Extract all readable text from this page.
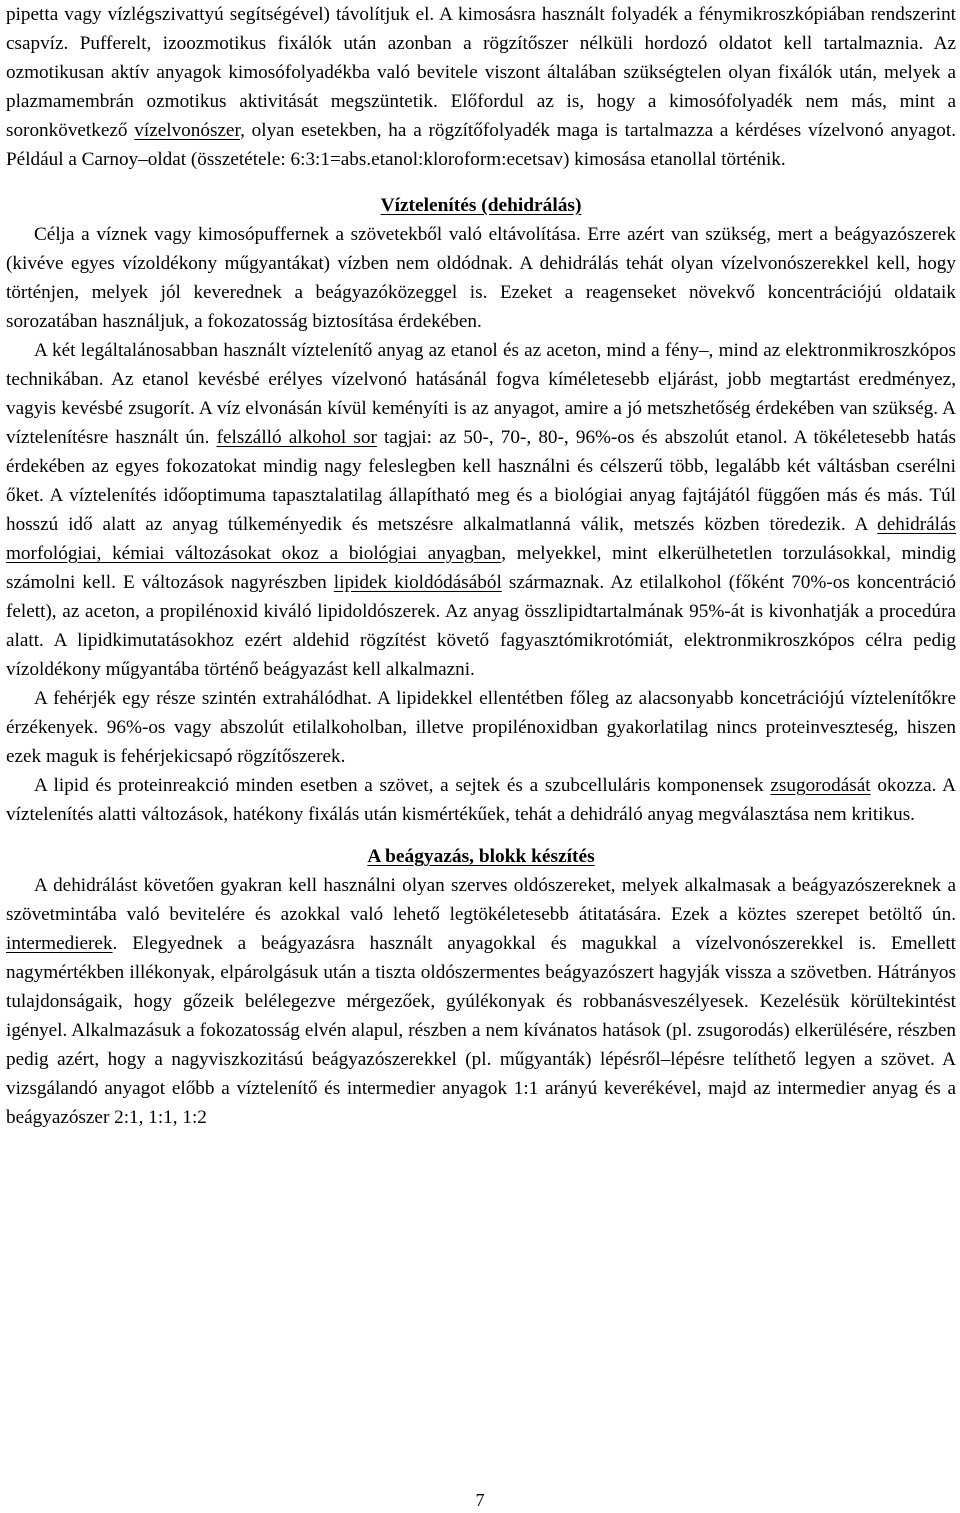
pipetta vagy vízlégszivattyú segítségével) távolítjuk el. A kimosásra használt folyadék a fénymikroszkópiában rendszerint csapvíz. Pufferelt, izoozmotikus fixálók után azonban a rögzítőszer nélküli hordozó oldatot kell tartalmaznia. Az ozmotikusan aktív anyagok kimosófolyadékba való bevitele viszont általában szükségtelen olyan fixálók után, melyek a plazmamembrán ozmotikus aktivitását megszüntetik. Előfordul az is, hogy a kimosófolyadék nem más, mint a soronkövetkező vízelvonószer, olyan esetekben, ha a rögzítőfolyadék maga is tartalmazza a kérdéses vízelvonó anyagot. Például a Carnoy–oldat (összetétele: 6:3:1=abs.etanol:kloroform:ecetsav) kimosása etanollal történik.

Víztelenítés (dehidrálás)

Célja a víznek vagy kimosópuffernek a szövetekből való eltávolítása. Erre azért van szükség, mert a beágyazószerek (kivéve egyes vízoldékony műgyantákat) vízben nem oldódnak. A dehidrálás tehát olyan vízelvonószerekkel kell, hogy történjen, melyek jól keverednek a beágyazóközeggel is. Ezeket a reagenseket növekvő koncentrációjú oldataik sorozatában használjuk, a fokozatosság biztosítása érdekében.

A két legáltalánosabban használt víztelenítő anyag az etanol és az aceton, mind a fény–, mind az elektronmikroszkópos technikában. Az etanol kevésbé erélyes vízelvonó hatásánál fogva kíméletesebb eljárást, jobb megtartást eredményez, vagyis kevésbé zsugorít. A víz elvonásán kívül keményíti is az anyagot, amire a jó metszhetőség érdekében van szükség. A víztelenítésre használt ún. felszálló alkohol sor tagjai: az 50-, 70-, 80-, 96%-os és abszolút etanol. A tökéletesebb hatás érdekében az egyes fokozatokat mindig nagy feleslegben kell használni és célszerű több, legalább két váltásban cserélni őket. A víztelenítés időoptimuma tapasztalatilag állapítható meg és a biológiai anyag fajtájától függően más és más. Túl hosszú idő alatt az anyag túlkeményedik és metszésre alkalmatlanná válik, metszés közben töredezik. A dehidrálás morfológiai, kémiai változásokat okoz a biológiai anyagban, melyekkel, mint elkerülhetetlen torzulásokkal, mindig számolni kell. E változások nagyrészben lipidek kioldódásából származnak. Az etilalkohol (főként 70%-os koncentráció felett), az aceton, a propilénoxid kiváló lipidoldószerek. Az anyag összlipidtartalmának 95%-át is kivonhatják a procedúra alatt. A lipidkimutatásokhoz ezért aldehid rögzítést követő fagyasztómikrotómiát, elektronmikroszkópos célra pedig vízoldékony műgyantába történő beágyazást kell alkalmazni.

A fehérjék egy része szintén extrahálódhat. A lipidekkel ellentétben főleg az alacsonyabb koncetrációjú víztelenítőkre érzékenyek. 96%-os vagy abszolút etilalkoholban, illetve propilénoxidban gyakorlatilag nincs proteinveszteség, hiszen ezek maguk is fehérjekicsapó rögzítőszerek.

A lipid és proteinreakció minden esetben a szövet, a sejtek és a szubcelluláris komponensek zsugorodását okozza. A víztelenítés alatti változások, hatékony fixálás után kismértékűek, tehát a dehidráló anyag megválasztása nem kritikus.

A beágyazás, blokk készítés

A dehidrálást követően gyakran kell használni olyan szerves oldószereket, melyek alkalmasak a beágyazószereknek a szövetmintába való bevitelére és azokkal való lehető legtökéletesebb átitatására. Ezek a köztes szerepet betöltő ún. intermedierek. Elegyednek a beágyazásra használt anyagokkal és magukkal a vízelvonószerekkel is. Emellett nagymértékben illékonyak, elpárolgásuk után a tiszta oldószermentes beágyazószert hagyják vissza a szövetben. Hátrányos tulajdonságaik, hogy gőzeik belélegezve mérgezőek, gyúlékonyak és robbanásveszélyesek. Kezelésük körültekintést igényel. Alkalmazásuk a fokozatosság elvén alapul, részben a nem kívánatos hatások (pl. zsugorodás) elkerülésére, részben pedig azért, hogy a nagyviszkozitású beágyazószerekkel (pl. műgyanták) lépésről–lépésre telíthető legyen a szövet. A vizsgálandó anyagot előbb a víztelenítő és intermedier anyagok 1:1 arányú keverékével, majd az intermedier anyag és a beágyazószer 2:1, 1:1, 1:2

7
